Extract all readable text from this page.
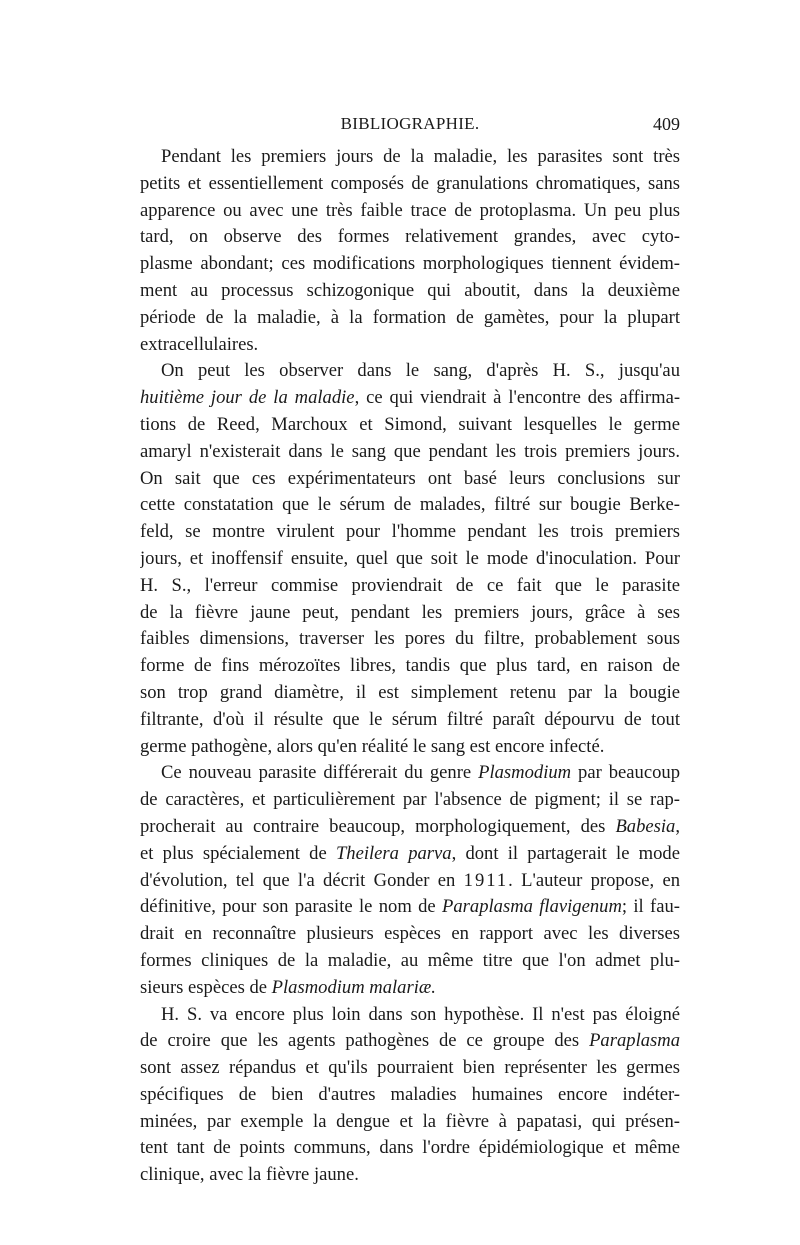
BIBLIOGRAPHIE.	409
Pendant les premiers jours de la maladie, les parasites sont très
petits et essentiellement composés de granulations chromatiques, sans
apparence ou avec une très faible trace de protoplasma. Un peu plus
tard, on observe des formes relativement grandes, avec cyto-
plasme abondant; ces modifications morphologiques tiennent évidem-
ment au processus schizogonique qui aboutit, dans la deuxième
période de la maladie, à la formation de gamètes, pour la plupart
extracellulaires.
On peut les observer dans le sang, d'après H. S., jusqu'au
huitième jour de la maladie, ce qui viendrait à l'encontre des affirma-
tions de Reed, Marchoux et Simond, suivant lesquelles le germe
amaryl n'existerait dans le sang que pendant les trois premiers jours.
On sait que ces expérimentateurs ont basé leurs conclusions sur
cette constatation que le sérum de malades, filtré sur bougie Berke-
feld, se montre virulent pour l'homme pendant les trois premiers
jours, et inoffensif ensuite, quel que soit le mode d'inoculation. Pour
H. S., l'erreur commise proviendrait de ce fait que le parasite
de la fièvre jaune peut, pendant les premiers jours, grâce à ses
faibles dimensions, traverser les pores du filtre, probablement sous
forme de fins mérozoïtes libres, tandis que plus tard, en raison de
son trop grand diamètre, il est simplement retenu par la bougie
filtrante, d'où il résulte que le sérum filtré paraît dépourvu de tout
germe pathogène, alors qu'en réalité le sang est encore infecté.
Ce nouveau parasite différerait du genre Plasmodium par beaucoup
de caractères, et particulièrement par l'absence de pigment; il se rap-
procherait au contraire beaucoup, morphologiquement, des Babesia,
et plus spécialement de Theilera parva, dont il partagerait le mode
d'évolution, tel que l'a décrit Gonder en 1911. L'auteur propose, en
définitive, pour son parasite le nom de Paraplasma flavigenum; il fau-
drait en reconnaître plusieurs espèces en rapport avec les diverses
formes cliniques de la maladie, au même titre que l'on admet plu-
sieurs espèces de Plasmodium malariæ.
H. S. va encore plus loin dans son hypothèse. Il n'est pas éloigné
de croire que les agents pathogènes de ce groupe des Paraplasma
sont assez répandus et qu'ils pourraient bien représenter les germes
spécifiques de bien d'autres maladies humaines encore indéter-
minées, par exemple la dengue et la fièvre à papatasi, qui présen-
tent tant de points communs, dans l'ordre épidémiologique et même
clinique, avec la fièvre jaune.
